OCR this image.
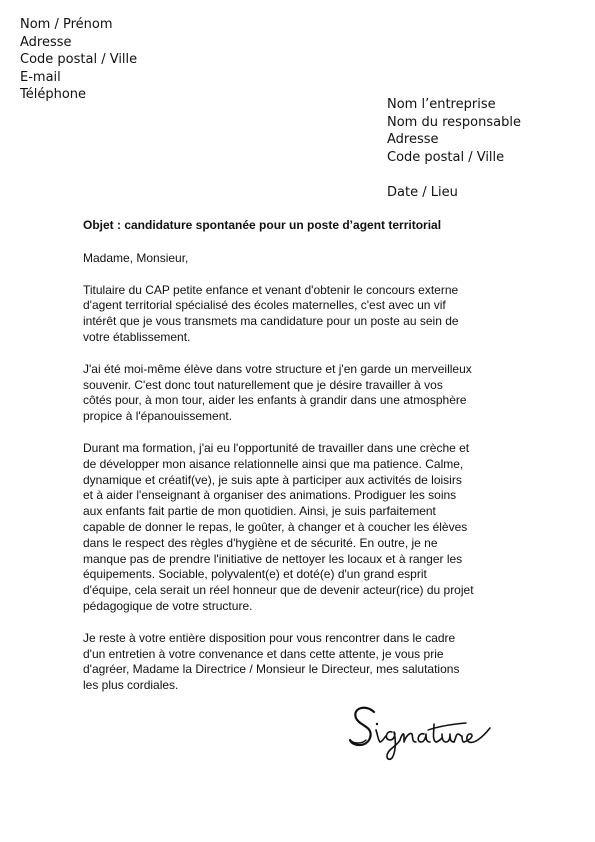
Nom / Prénom
Adresse
Code postal / Ville
E-mail
Téléphone
Nom l’entreprise
Nom du responsable
Adresse
Code postal / Ville
Date / Lieu
Objet : candidature spontanée pour un poste d’agent territorial
Madame, Monsieur,
Titulaire du CAP petite enfance et venant d'obtenir le concours externe
d'agent territorial spécialisé des écoles maternelles, c'est avec un vif
intérêt que je vous transmets ma candidature pour un poste au sein de
votre établissement.
J'ai été moi-même élève dans votre structure et j'en garde un merveilleux
souvenir. C'est donc tout naturellement que je désire travailler à vos
côtés pour, à mon tour, aider les enfants à grandir dans une atmosphère
propice à l'épanouissement.
Durant ma formation, j'ai eu l'opportunité de travailler dans une crèche et
de développer mon aisance relationnelle ainsi que ma patience. Calme,
dynamique et créatif(ve), je suis apte à participer aux activités de loisirs
et à aider l'enseignant à organiser des animations. Prodiguer les soins
aux enfants fait partie de mon quotidien. Ainsi, je suis parfaitement
capable de donner le repas, le goûter, à changer et à coucher les élèves
dans le respect des règles d'hygiène et de sécurité. En outre, je ne
manque pas de prendre l'initiative de nettoyer les locaux et à ranger les
équipements. Sociable, polyvalent(e) et doté(e) d'un grand esprit
d'équipe, cela serait un réel honneur que de devenir acteur(rice) du projet
pédagogique de votre structure.
Je reste à votre entière disposition pour vous rencontrer dans le cadre
d'un entretien à votre convenance et dans cette attente, je vous prie
d'agréer, Madame la Directrice / Monsieur le Directeur, mes salutations
les plus cordiales.
